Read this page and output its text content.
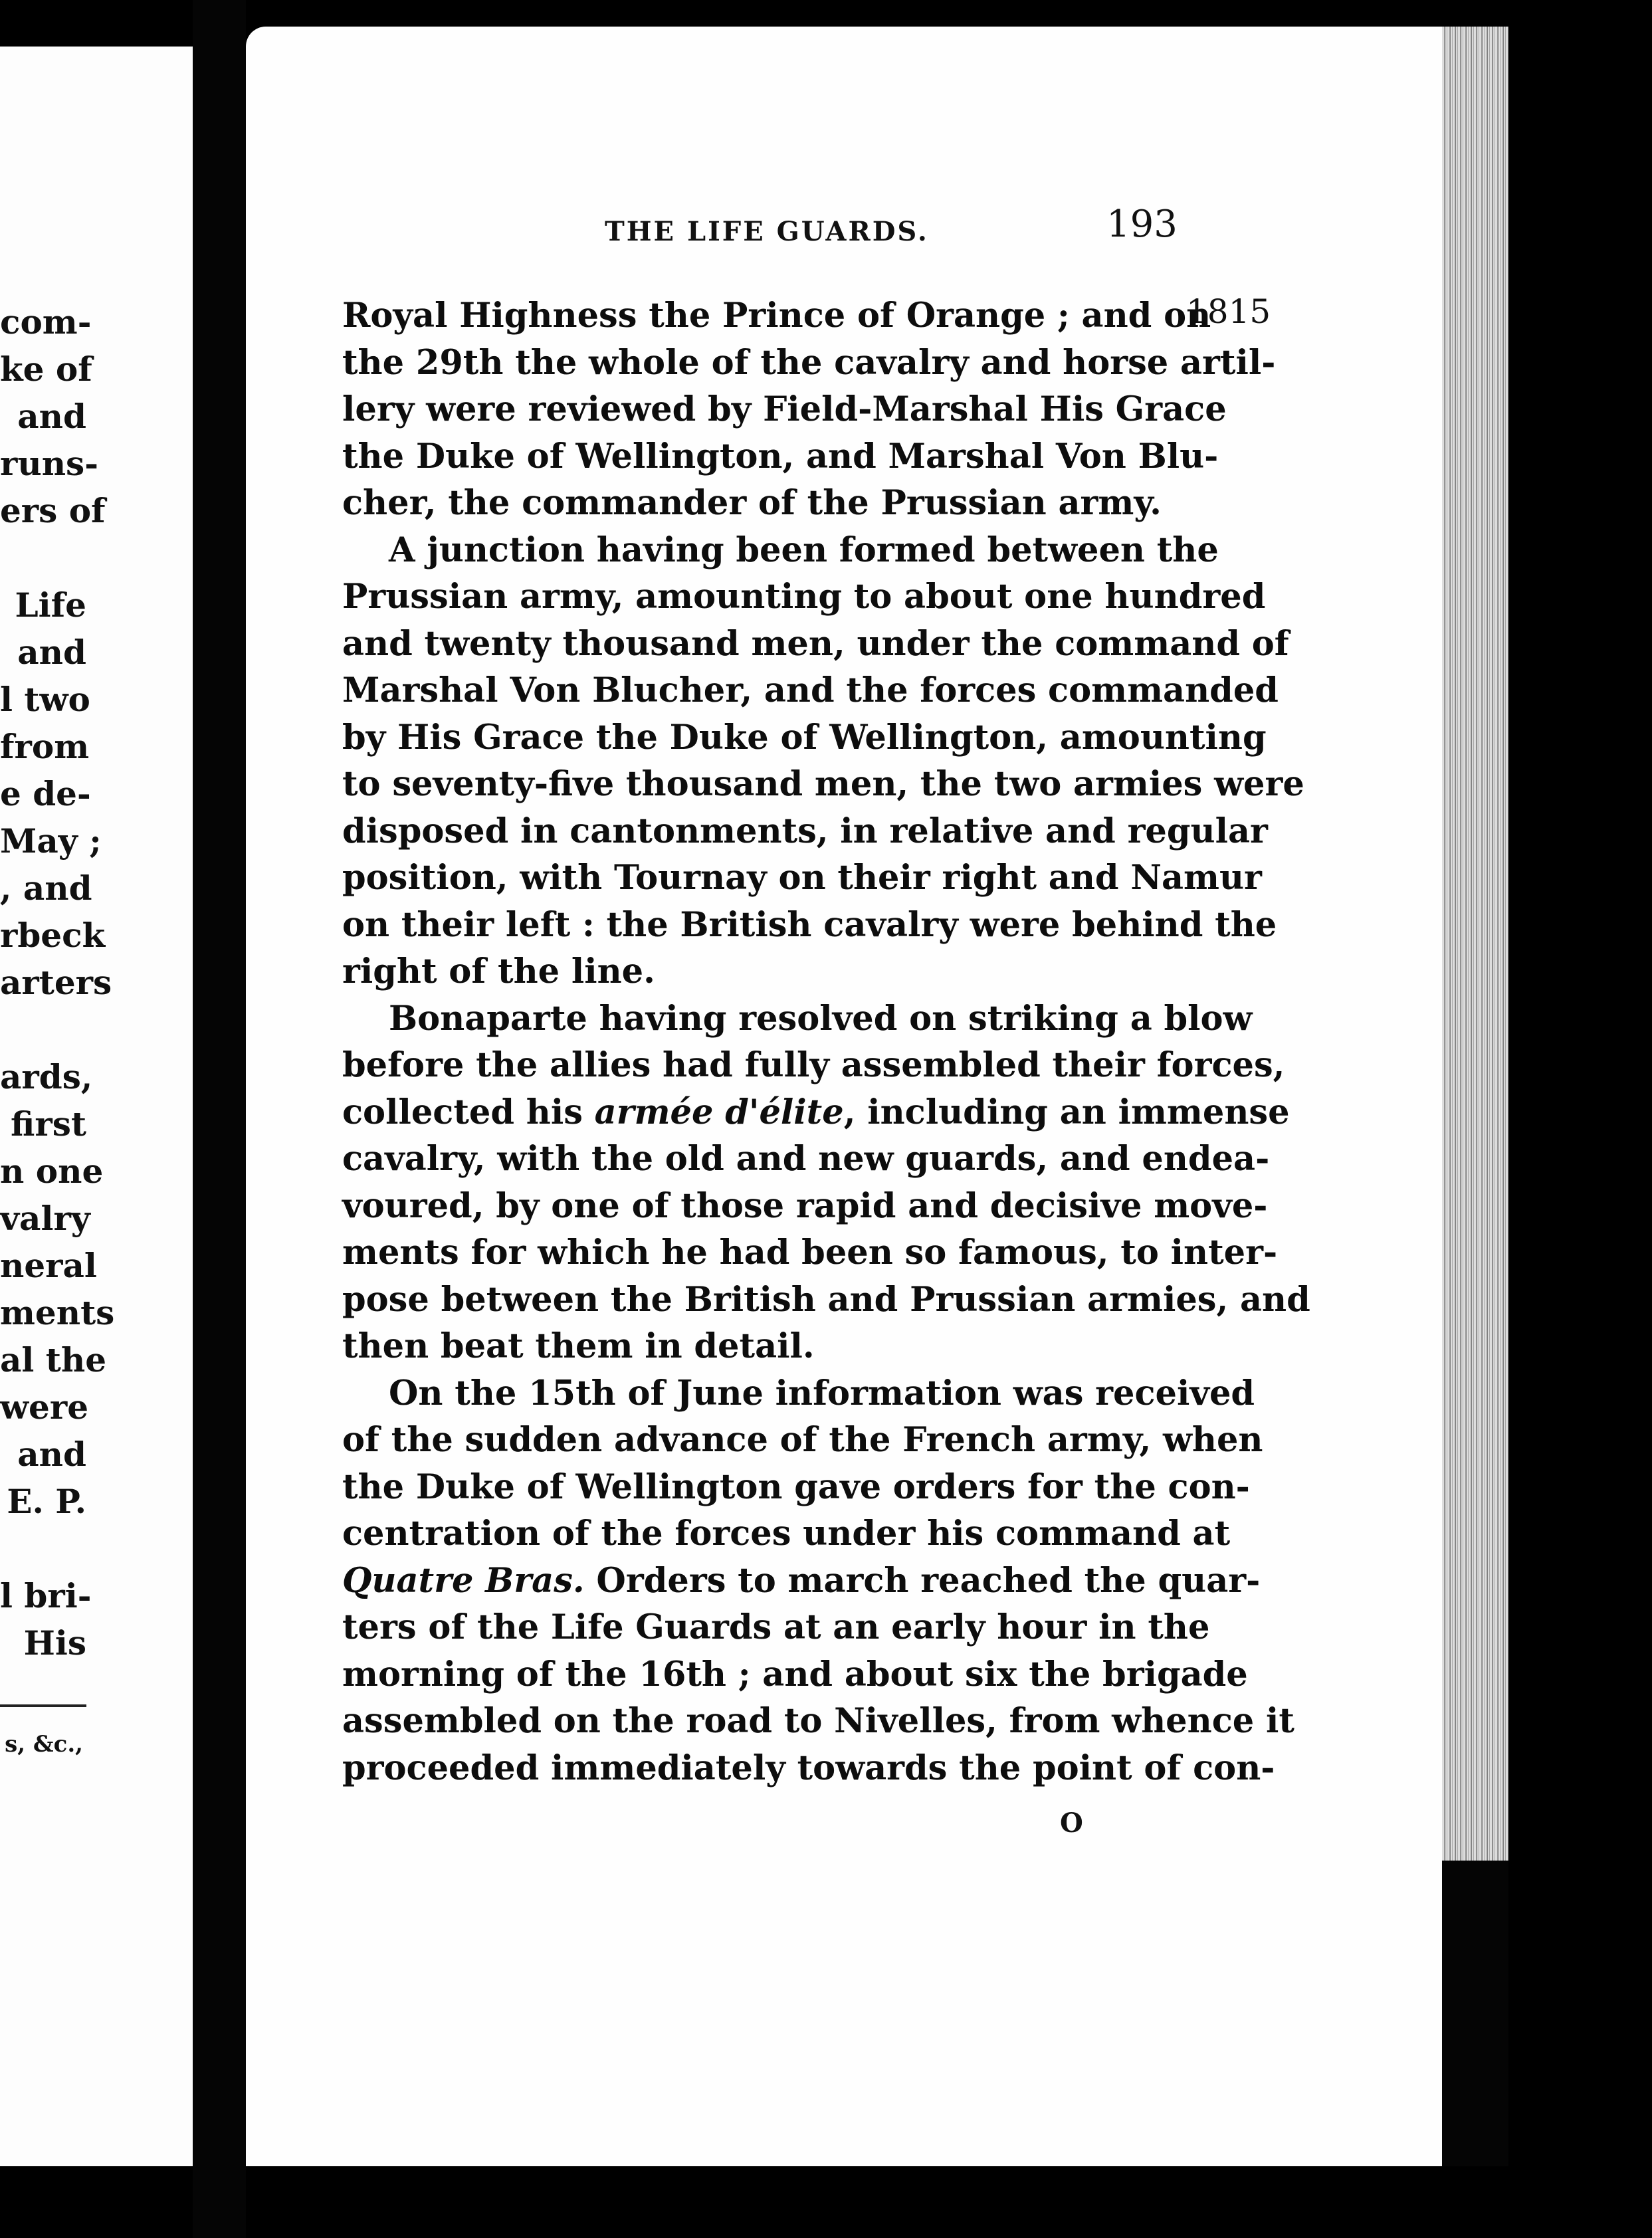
com-
ke of
and
runs-
ers of
Life
and
l two
from
e de-
May ;
, and
rbeck
arters
ards,
first
n one
valry
neral
ments
al the
were
and
E. P.
l bri-
His
s, &c.,
THE LIFE GUARDS.	193
1815
Royal Highness the Prince of Orange ; and on
the 29th the whole of the cavalry and horse artil-
lery were reviewed by Field-Marshal His Grace
the Duke of Wellington, and Marshal Von Blu-
cher, the commander of the Prussian army.
A junction having been formed between the
Prussian army, amounting to about one hundred
and twenty thousand men, under the command of
Marshal Von Blucher, and the forces commanded
by His Grace the Duke of Wellington, amounting
to seventy-five thousand men, the two armies were
disposed in cantonments, in relative and regular
position, with Tournay on their right and Namur
on their left : the British cavalry were behind the
right of the line.
Bonaparte having resolved on striking a blow
before the allies had fully assembled their forces,
collected his armée d'élite, including an immense
cavalry, with the old and new guards, and endea-
voured, by one of those rapid and decisive move-
ments for which he had been so famous, to inter-
pose between the British and Prussian armies, and
then beat them in detail.
On the 15th of June information was received
of the sudden advance of the French army, when
the Duke of Wellington gave orders for the con-
centration of the forces under his command at
Quatre Bras. Orders to march reached the quar-
ters of the Life Guards at an early hour in the
morning of the 16th ; and about six the brigade
assembled on the road to Nivelles, from whence it
proceeded immediately towards the point of con-
O
